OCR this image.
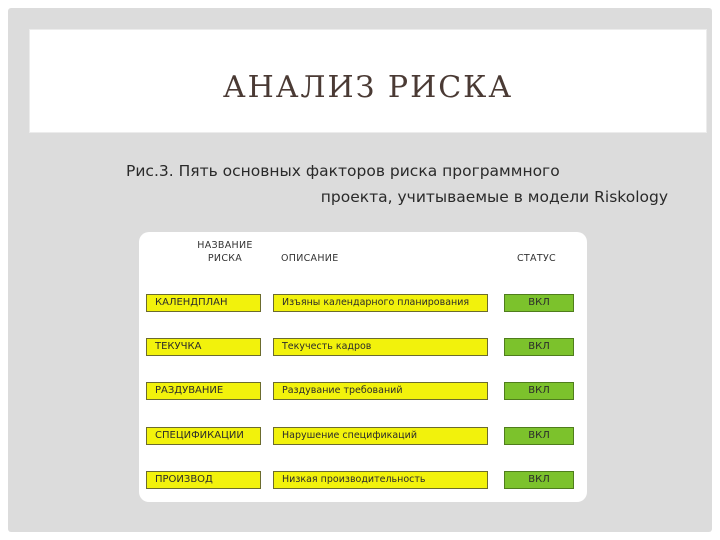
АНАЛИЗ РИСКА
Рис.3. Пять основных факторов риска программного
проекта, учитываемые в модели Riskology
НАЗВАНИЕ РИСКА	ОПИСАНИЕ	СТАТУС
КАЛЕНДПЛАН	Изъяны календарного планирования	ВКЛ
ТЕКУЧКА	Текучесть кадров	ВКЛ
РАЗДУВАНИЕ	Раздувание требований	ВКЛ
СПЕЦИФИКАЦИИ	Нарушение спецификаций	ВКЛ
ПРОИЗВОД	Низкая производительность	ВКЛ
